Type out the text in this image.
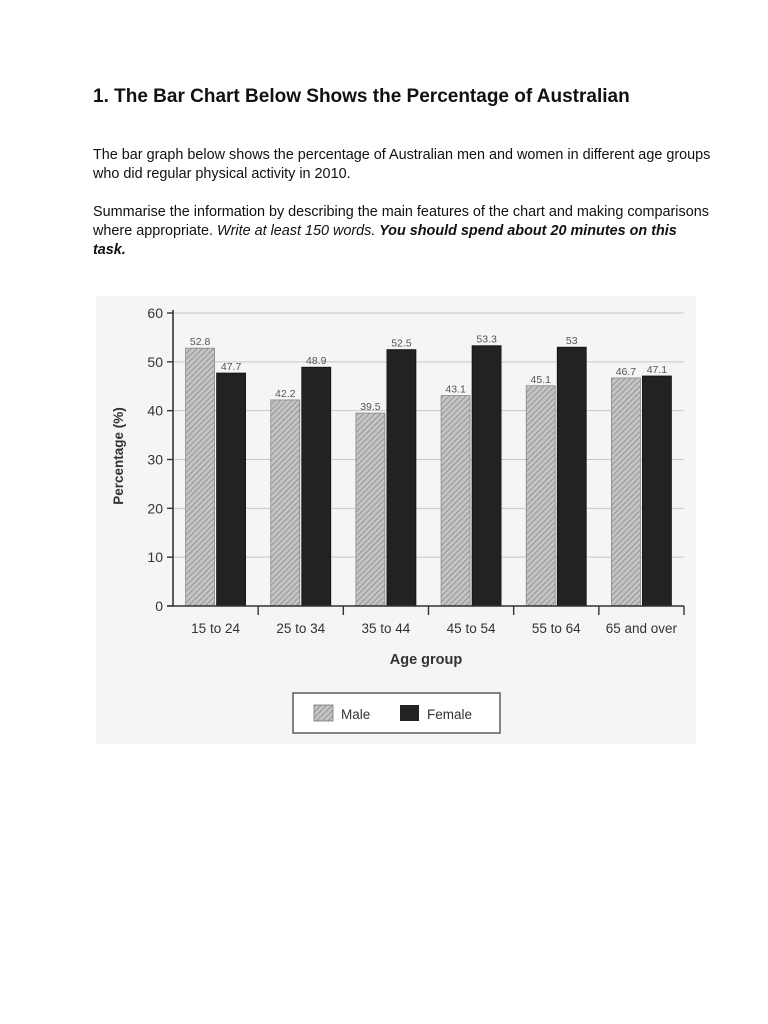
1. The Bar Chart Below Shows the Percentage of Australian

The bar graph below shows the percentage of Australian men and women in different age groups who did regular physical activity in 2010.

Summarise the information by describing the main features of the chart and making comparisons where appropriate. Write at least 150 words. You should spend about 20 minutes on this task.

0
10
20
30
40
50
60
15 to 24	25 to 34	35 to 44	45 to 54	55 to 64 65 and over
52.8
47.7
42.2
48.9
39.5
52.5
43.1
53.3
45.1
53
46.7 47.1
Age group
Percentage (%)
Male	Female
